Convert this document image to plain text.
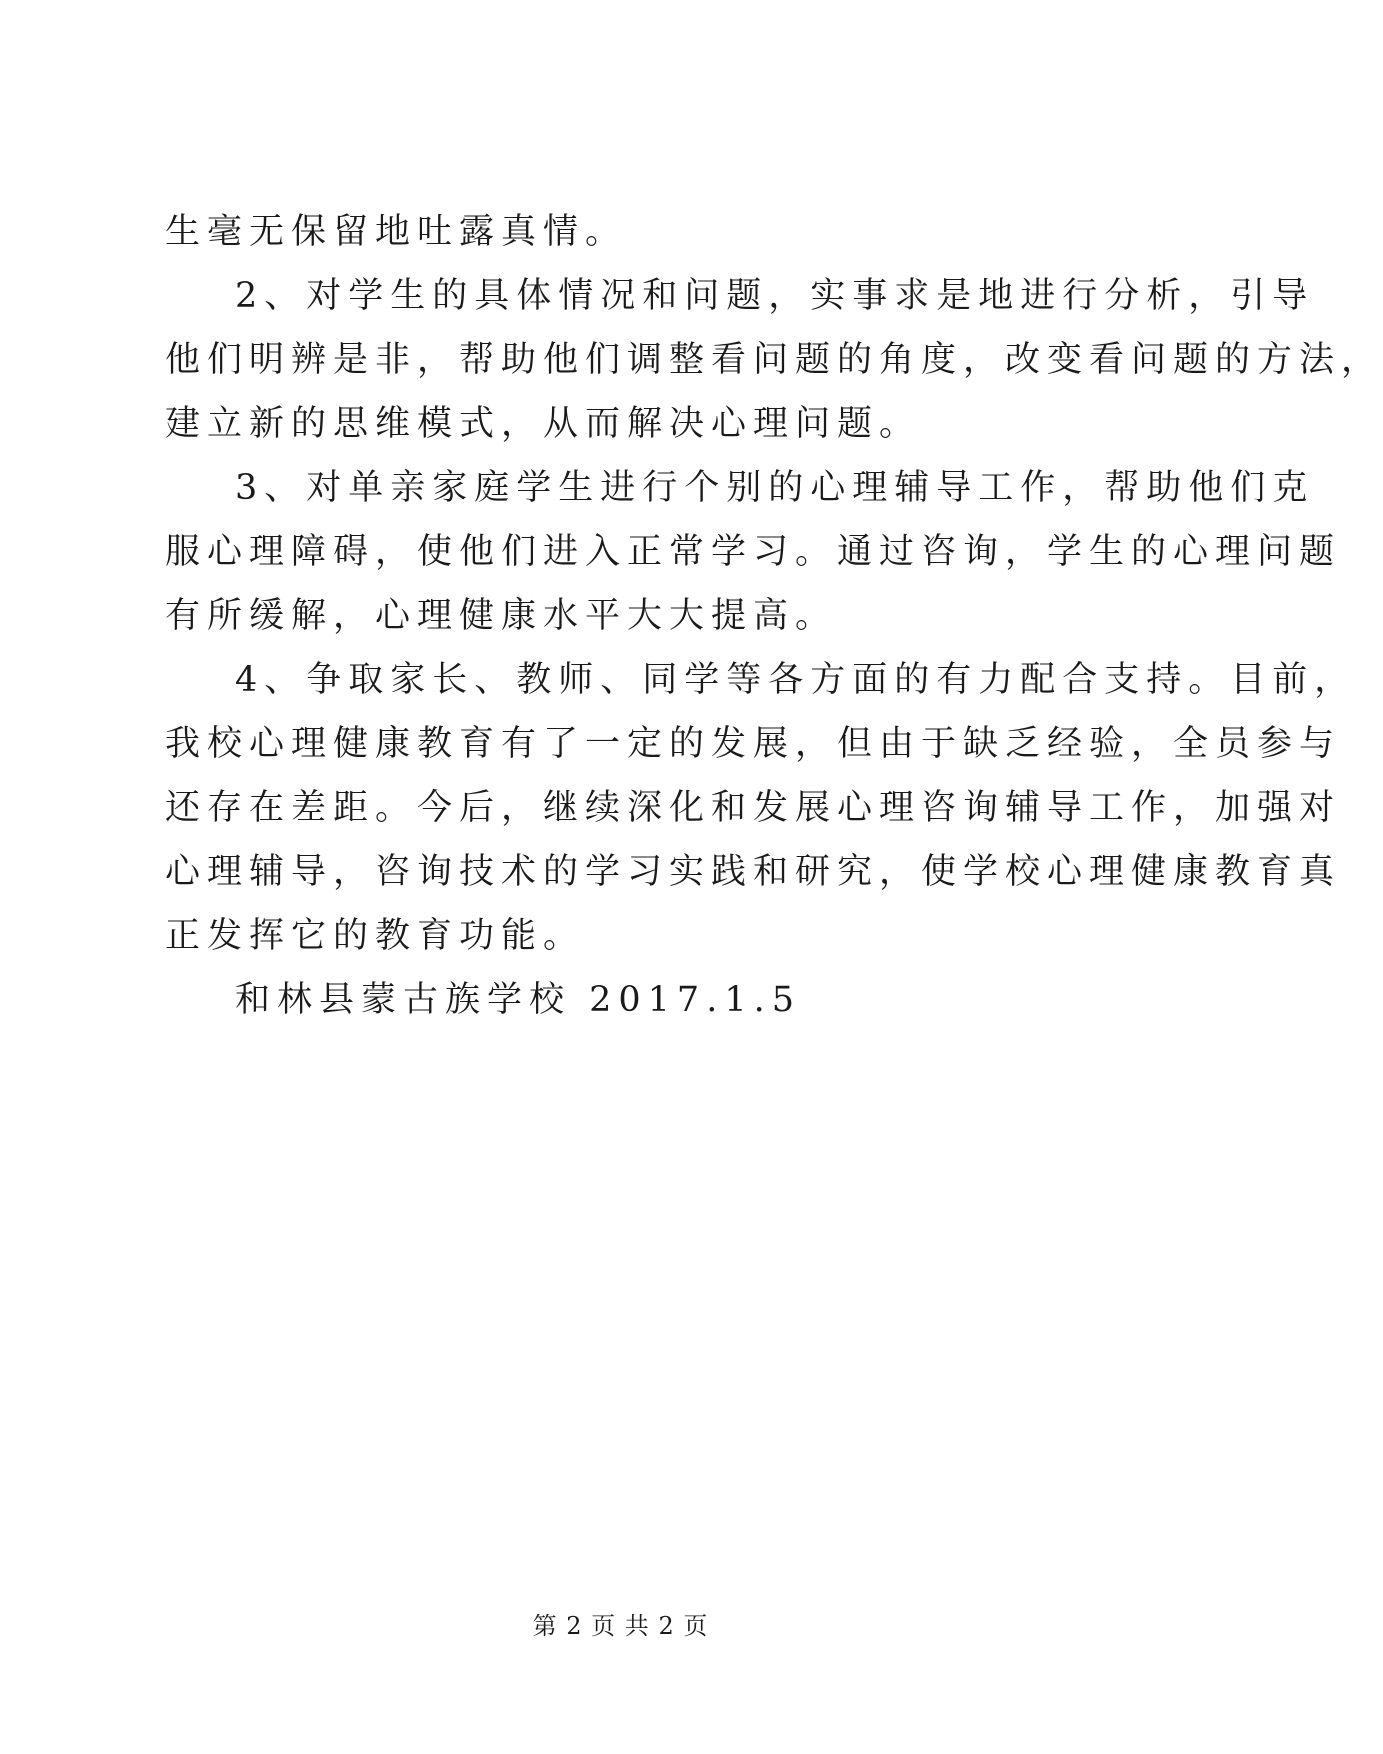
生毫无保留地吐露真情。
2、对学生的具体情况和问题，实事求是地进行分析，引导
他们明辨是非，帮助他们调整看问题的角度，改变看问题的方法，
建立新的思维模式，从而解决心理问题。
3、对单亲家庭学生进行个别的心理辅导工作，帮助他们克
服心理障碍，使他们进入正常学习。通过咨询，学生的心理问题
有所缓解，心理健康水平大大提高。
4、争取家长、教师、同学等各方面的有力配合支持。目前，
我校心理健康教育有了一定的发展，但由于缺乏经验，全员参与
还存在差距。今后，继续深化和发展心理咨询辅导工作，加强对
心理辅导，咨询技术的学习实践和研究，使学校心理健康教育真
正发挥它的教育功能。
和林县蒙古族学校 2017.1.5
第 2 页 共 2 页
